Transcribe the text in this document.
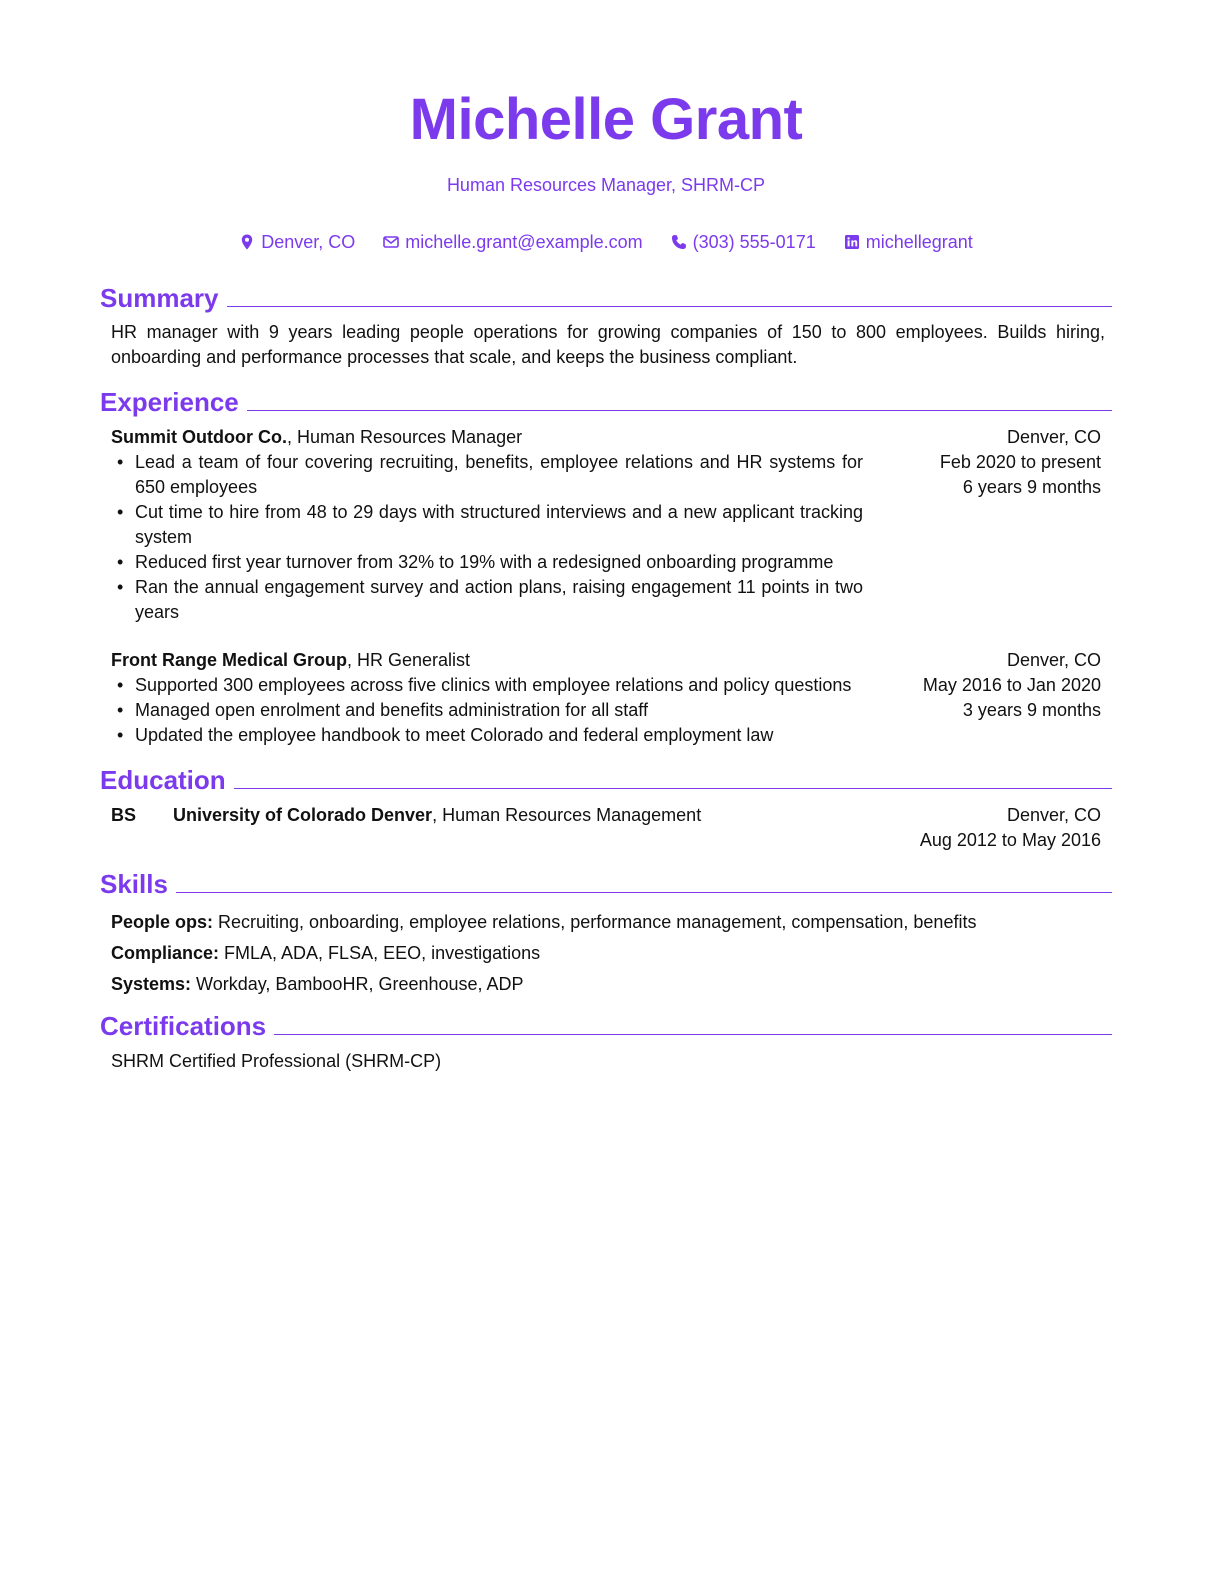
Michelle Grant
Human Resources Manager, SHRM-CP
Denver, CO	michelle.grant@example.com	(303) 555-0171	michellegrant
Summary
HR manager with 9 years leading people operations for growing companies of 150 to 800 employees. Builds hiring, onboarding and performance processes that scale, and keeps the business compliant.
Experience
Summit Outdoor Co., Human Resources Manager
• Lead a team of four covering recruiting, benefits, employee relations and HR systems for 650 employees
• Cut time to hire from 48 to 29 days with structured interviews and a new applicant tracking system
• Reduced first year turnover from 32% to 19% with a redesigned onboarding programme
• Ran the annual engagement survey and action plans, raising engagement 11 points in two years
Denver, CO
Feb 2020 to present
6 years 9 months
Front Range Medical Group, HR Generalist
• Supported 300 employees across five clinics with employee relations and policy questions
• Managed open enrolment and benefits administration for all staff
• Updated the employee handbook to meet Colorado and federal employment law
Denver, CO
May 2016 to Jan 2020
3 years 9 months
Education
BS University of Colorado Denver, Human Resources Management	Denver, CO
Aug 2012 to May 2016
Skills
People ops: Recruiting, onboarding, employee relations, performance management, compensation, benefits
Compliance: FMLA, ADA, FLSA, EEO, investigations
Systems: Workday, BambooHR, Greenhouse, ADP
Certifications
SHRM Certified Professional (SHRM-CP)
